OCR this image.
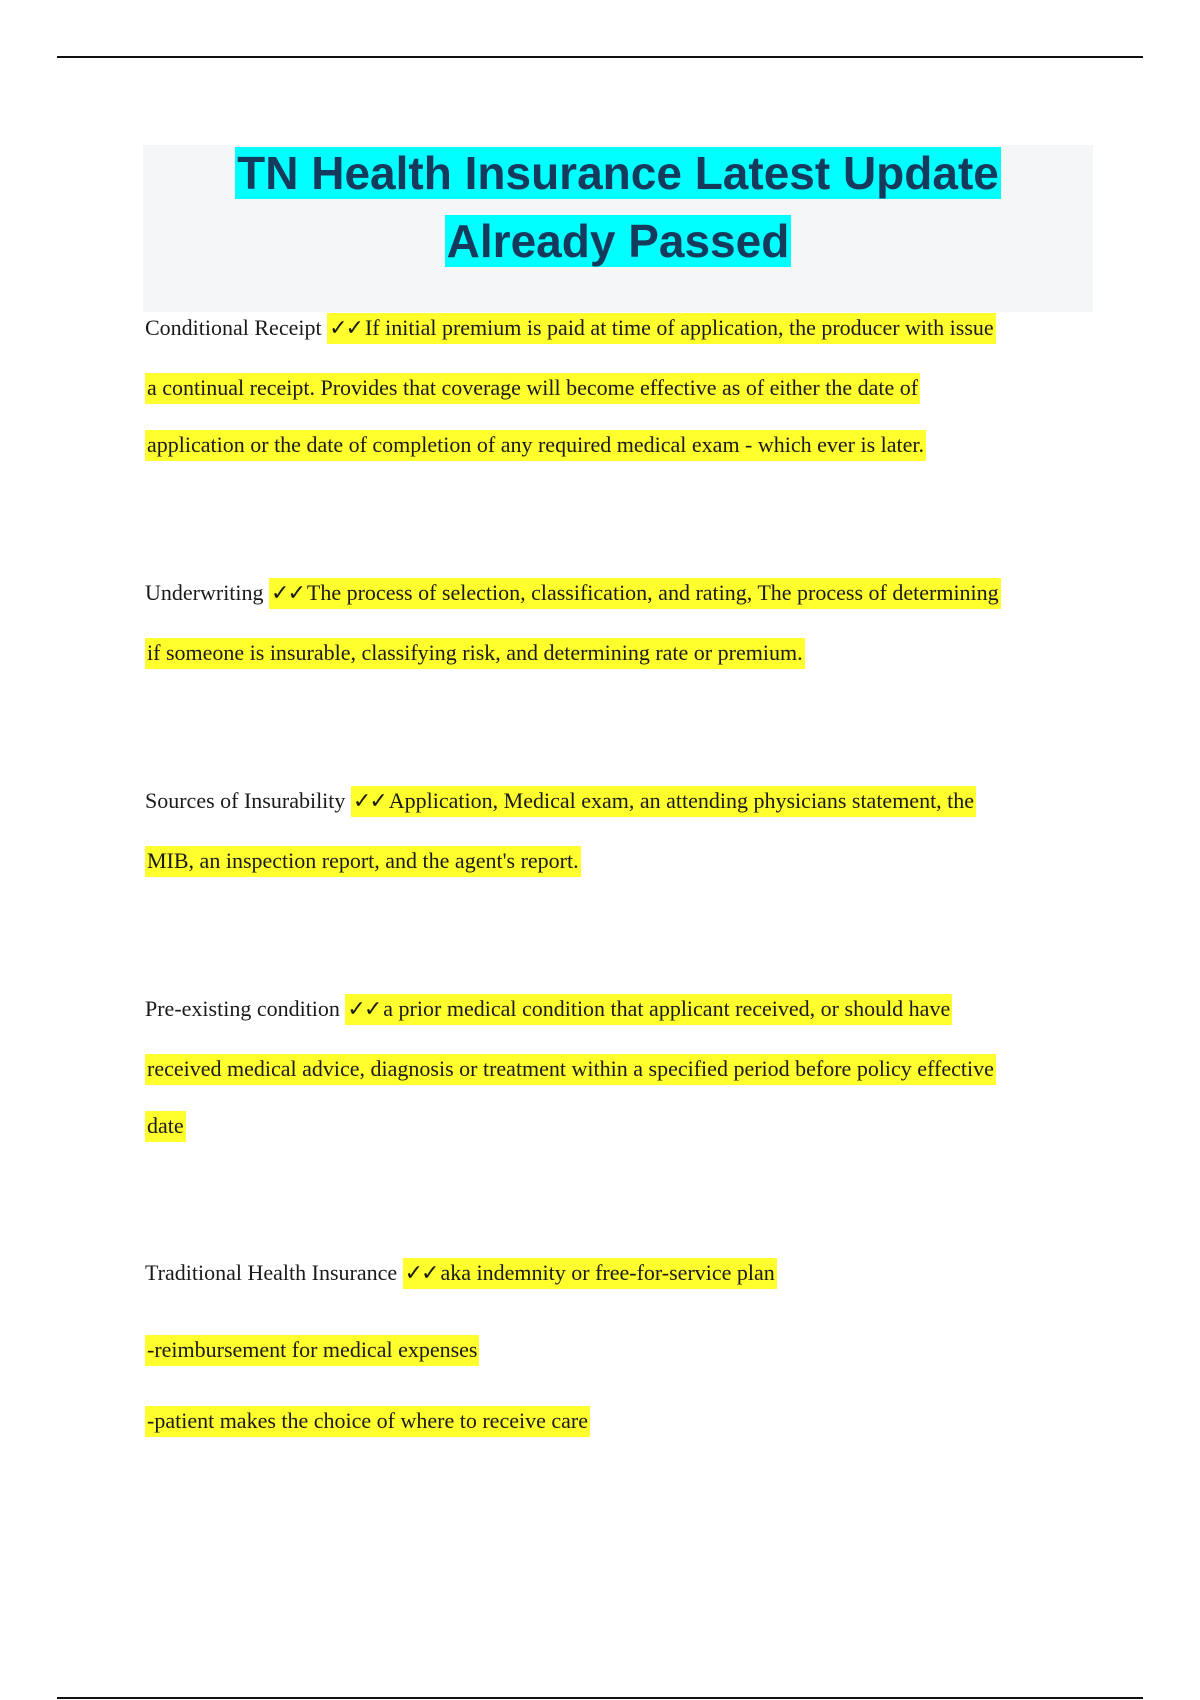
TN Health Insurance Latest Update
Already Passed
Conditional Receipt ✓✓ If initial premium is paid at time of application, the producer with issue
a continual receipt. Provides that coverage will become effective as of either the date of
application or the date of completion of any required medical exam - which ever is later.
Underwriting ✓✓ The process of selection, classification, and rating, The process of determining
if someone is insurable, classifying risk, and determining rate or premium.
Sources of Insurability ✓✓ Application, Medical exam, an attending physicians statement, the
MIB, an inspection report, and the agent's report.
Pre-existing condition ✓✓ a prior medical condition that applicant received, or should have
received medical advice, diagnosis or treatment within a specified period before policy effective
date
Traditional Health Insurance ✓✓ aka indemnity or free-for-service plan
-reimbursement for medical expenses
-patient makes the choice of where to receive care
